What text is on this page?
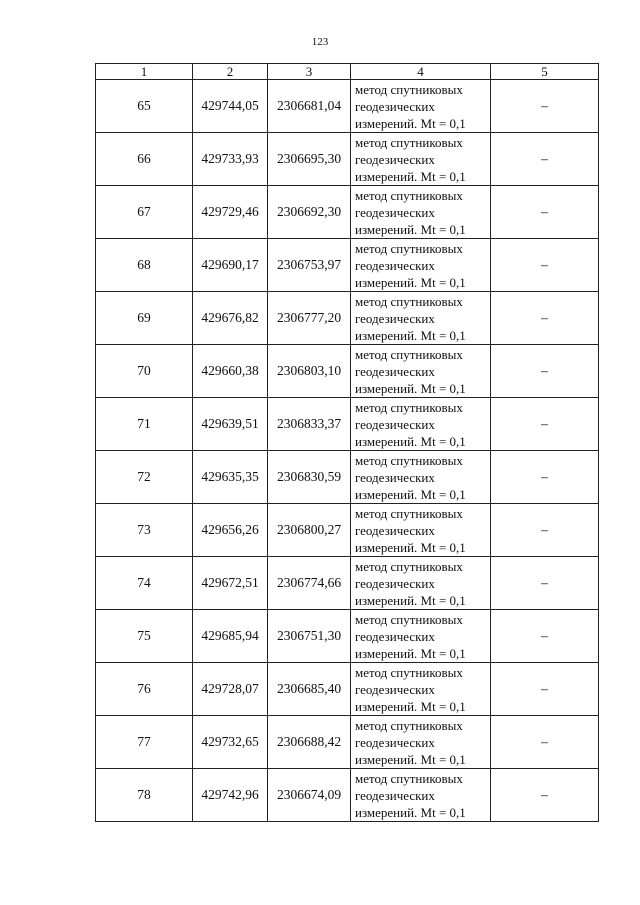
123
1	2	3	4	5
65	429744,05	2306681,04	метод спутниковых
геодезических
измерений. Mt = 0,1	–
66	429733,93	2306695,30	метод спутниковых
геодезических
измерений. Mt = 0,1	–
67	429729,46	2306692,30	метод спутниковых
геодезических
измерений. Mt = 0,1	–
68	429690,17	2306753,97	метод спутниковых
геодезических
измерений. Mt = 0,1	–
69	429676,82	2306777,20	метод спутниковых
геодезических
измерений. Mt = 0,1	–
70	429660,38	2306803,10	метод спутниковых
геодезических
измерений. Mt = 0,1	–
71	429639,51	2306833,37	метод спутниковых
геодезических
измерений. Mt = 0,1	–
72	429635,35	2306830,59	метод спутниковых
геодезических
измерений. Mt = 0,1	–
73	429656,26	2306800,27	метод спутниковых
геодезических
измерений. Mt = 0,1	–
74	429672,51	2306774,66	метод спутниковых
геодезических
измерений. Mt = 0,1	–
75	429685,94	2306751,30	метод спутниковых
геодезических
измерений. Mt = 0,1	–
76	429728,07	2306685,40	метод спутниковых
геодезических
измерений. Mt = 0,1	–
77	429732,65	2306688,42	метод спутниковых
геодезических
измерений. Mt = 0,1	–
78	429742,96	2306674,09	метод спутниковых
геодезических
измерений. Mt = 0,1	–
